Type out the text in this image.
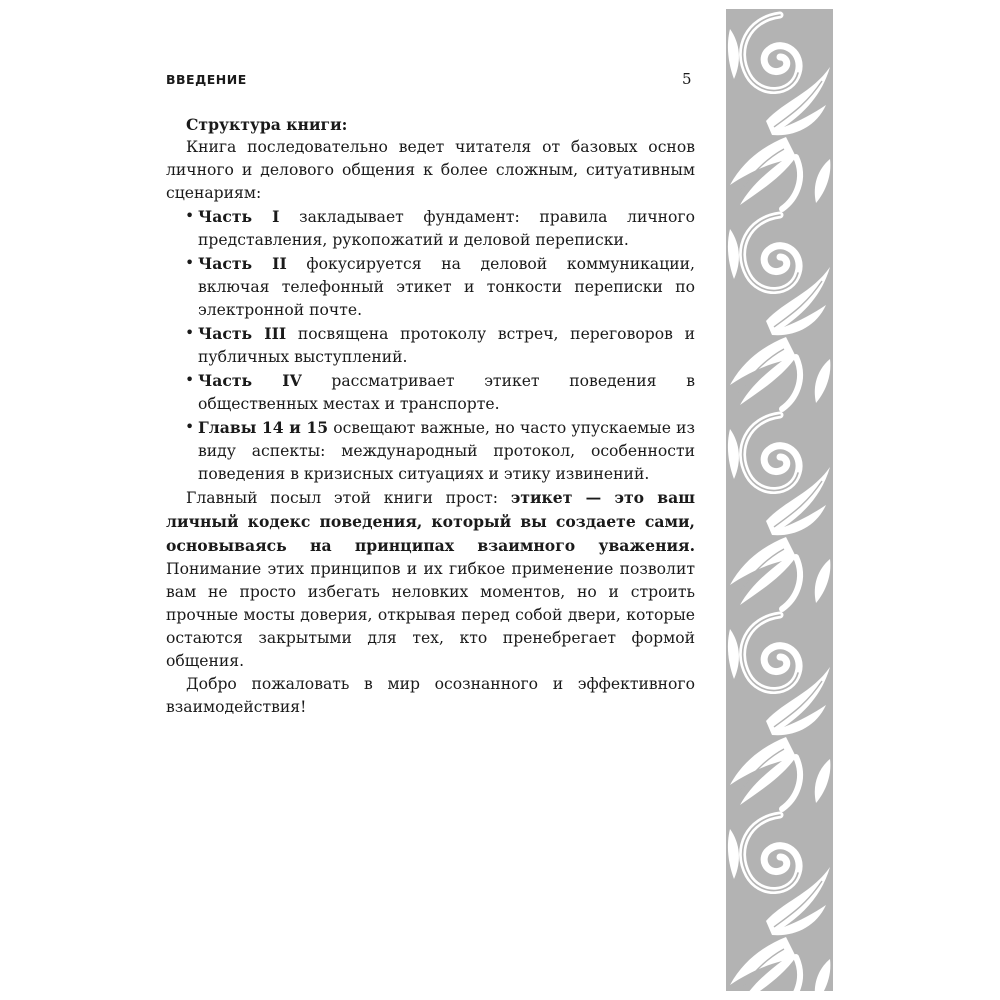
ВВЕДЕНИЕ	5

Структура книги:

Книга последовательно ведет читателя от базовых основ личного и делового общения к более сложным, ситуативным сценариям:

• Часть I закладывает фундамент: правила личного представления, рукопожатий и деловой переписки.
• Часть II фокусируется на деловой коммуникации, включая телефонный этикет и тонкости переписки по электронной почте.
• Часть III посвящена протоколу встреч, переговоров и публичных выступлений.
• Часть IV рассматривает этикет поведения в общественных местах и транспорте.
• Главы 14 и 15 освещают важные, но часто упускаемые из виду аспекты: международный протокол, особенности поведения в кризисных ситуациях и этику извинений.

Главный посыл этой книги прост: этикет — это ваш личный кодекс поведения, который вы создаете сами, основываясь на принципах взаимного уважения. Понимание этих принципов и их гибкое применение позволит вам не просто избегать неловких моментов, но и строить прочные мосты доверия, открывая перед собой двери, которые остаются закрытыми для тех, кто пренебрегает формой общения.

Добро пожаловать в мир осознанного и эффективного взаимодействия!
